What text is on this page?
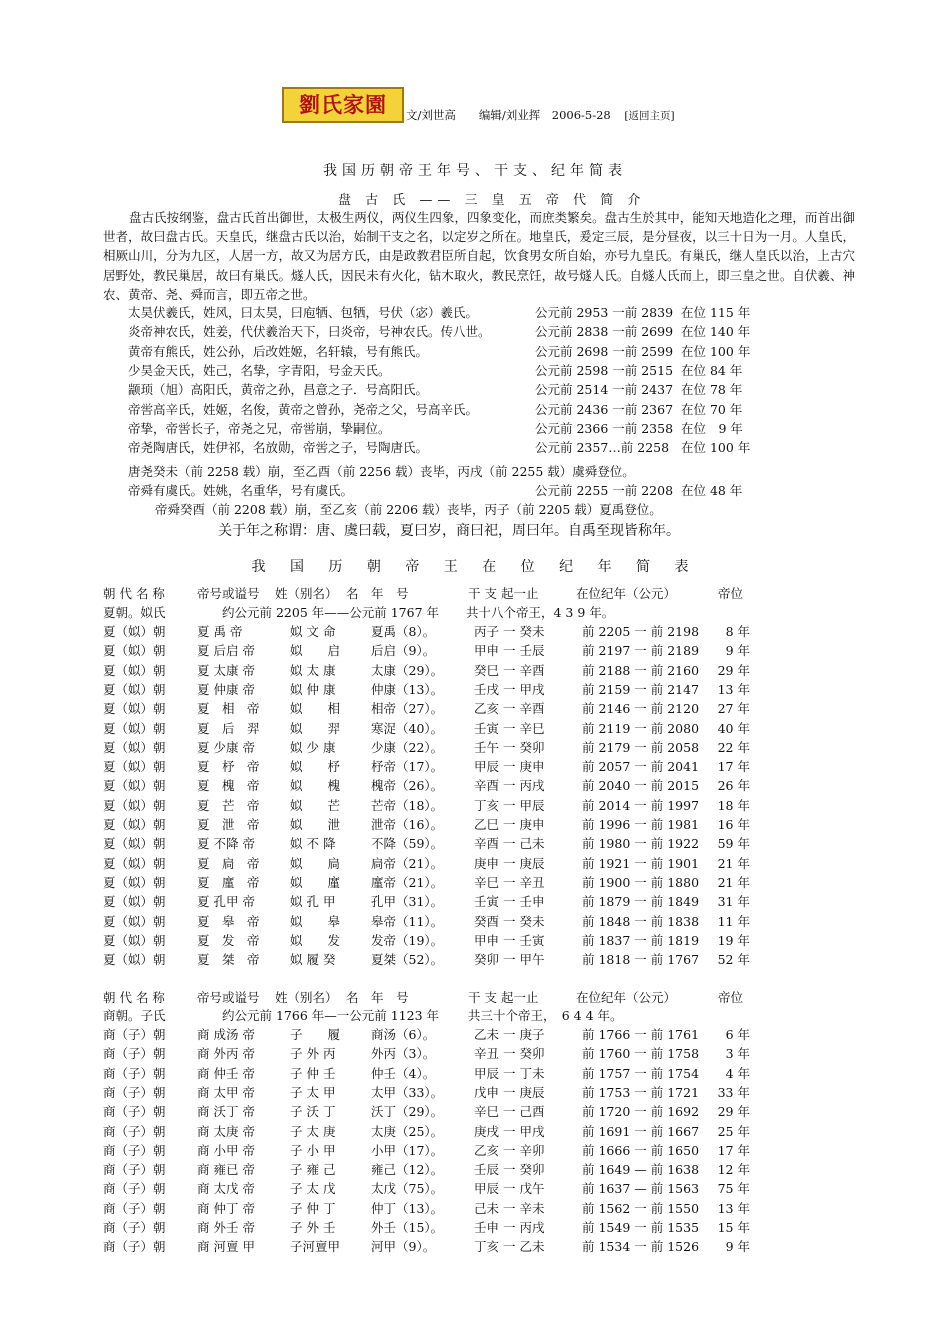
劉氏家園	文/刘世高　　编辑/刘业挥　2006-5-28 [返回主页]
我国历朝帝王年号、干支、纪年简表
盘 古 氏 —— 三 皇 五 帝 代 简 介
盘古氏按纲鉴，盘古氏首出御世，太极生两仪，两仪生四象，四象变化，而庶类繁矣。盘古生於其中，能知天地造化之理，而首出御世者，故曰盘古氏。天皇氏，继盘古氏以治，始制干支之名，以定岁之所在。地皇氏，爰定三辰，是分昼夜，以三十日为一月。人皇氏，相厥山川，分为九区，人居一方，故又为居方氏，由是政教君臣所自起，饮食男女所自始，亦号九皇氏。有巢氏，继人皇氏以治，上古穴居野处，教民巢居，故曰有巢氏。燧人氏，因民未有火化，钻木取火，教民烹饪，故号燧人氏。自燧人氏而上，即三皇之世。自伏羲、神农、黄帝、尧、舜而言，即五帝之世。
太昊伏羲氏，姓风，曰太昊，曰庖牺、包牺，号伏（宓）羲氏。	公元前 2953 一前 2839 在位 115 年
炎帝神农氏，姓姜，代伏羲治天下，曰炎帝，号神农氏。传八世。	公元前 2838 一前 2699 在位 140 年
黄帝有熊氏，姓公孙，后改姓姬，名轩辕，号有熊氏。	公元前 2698 一前 2599 在位 100 年
少昊金天氏，姓己，名挚，字青阳，号金天氏。	公元前 2598 一前 2515 在位 84 年
颛顼（旭）高阳氏，黄帝之孙，昌意之子．号高阳氏。	公元前 2514 一前 2437 在位 78 年
帝喾高辛氏，姓姬，名俊，黄帝之曾孙，尧帝之父，号高辛氏。	公元前 2436 一前 2367 在位 70 年
帝挚，帝喾长子，帝尧之兄，帝喾崩，挚嗣位。	公元前 2366 一前 2358 在位　9 年
帝尧陶唐氏，姓伊祁，名放勋，帝喾之子，号陶唐氏。	公元前 2357…前 2258 在位 100 年
唐尧癸未（前 2258 载）崩，至乙酉（前 2256 载）丧毕，丙戌（前 2255 载）虞舜登位。
帝舜有虞氏。姓姚，名重华，号有虞氏。	公元前 2255 一前 2208 在位 48 年
帝舜癸酉（前 2208 载）崩，至乙亥（前 2206 载）丧毕，丙子（前 2205 载）夏禹登位。
关于年之称谓：唐、虞曰载，夏曰岁，商曰祀，周曰年。自禹至现皆称年。
我 国 历 朝 帝 王 在 位 纪 年 简 表
朝 代 名 称	帝号或谥号 姓（别名） 名　年　号	干 支 起一止	在位纪年（公元）	帝位
夏朝。姒氏	约公元前 2205 年——公元前 1767 年 共十八个帝王，4 3 9 年。
夏（姒）朝	夏 禹 帝	姒 文 命	夏禹（8）。	丙子 一 癸未	前 2205 一 前 2198 8 年
夏（姒）朝	夏 后启 帝	姒　　启 后启（9）。	甲申 一 壬辰	前 2197 一 前 2189 9 年
夏（姒）朝	夏 太康 帝	姒 太 康	太康（29）。 癸巳 一 辛酉	前 2188 一 前 2160 29 年
夏（姒）朝	夏 仲康 帝	姒 仲 康	仲康（13）。 壬戌 一 甲戌	前 2159 一 前 2147 13 年
夏（姒）朝	夏　相　帝 姒　　相 相帝（27）。 乙亥 一 辛酉	前 2146 一 前 2120 27 年
夏（姒）朝	夏　后　羿 姒　　羿 寒浞（40）。 壬寅 一 辛巳	前 2119 一 前 2080 40 年
夏（姒）朝	夏 少康 帝	姒 少 康	少康（22）。 壬午 一 癸卯	前 2179 一 前 2058 22 年
夏（姒）朝	夏　杼　帝 姒　　杼 杼帝（17）。 甲辰 一 庚申	前 2057 一 前 2041 17 年
夏（姒）朝	夏　槐　帝 姒　　槐 槐帝（26）。 辛酉 一 丙戌	前 2040 一 前 2015 26 年
夏（姒）朝	夏　芒　帝 姒　　芒 芒帝（18）。 丁亥 一 甲辰	前 2014 一 前 1997 18 年
夏（姒）朝	夏　泄　帝 姒　　泄 泄帝（16）。 乙巳 一 庚申	前 1996 一 前 1981 16 年
夏（姒）朝	夏 不降 帝	姒 不 降	不降（59）。 辛酉 一 己未	前 1980 一 前 1922 59 年
夏（姒）朝	夏　扃　帝 姒　　扃 扃帝（21）。 庚申 一 庚辰	前 1921 一 前 1901 21 年
夏（姒）朝	夏　廑　帝 姒　　廑 廑帝（21）。 辛巳 一 辛丑	前 1900 一 前 1880 21 年
夏（姒）朝	夏 孔甲 帝	姒 孔 甲	孔甲（31）。 壬寅 一 壬申	前 1879 一 前 1849 31 年
夏（姒）朝	夏　皋　帝 姒　　皋 皋帝（11）。 癸酉 一 癸未	前 1848 一 前 1838 11 年
夏（姒）朝	夏　发　帝 姒　　发 发帝（19）。 甲申 一 壬寅	前 1837 一 前 1819 19 年
夏（姒）朝	夏　桀　帝 姒 履 癸	夏桀（52）。 癸卯 一 甲午	前 1818 一 前 1767 52 年
朝 代 名 称	帝号或谥号 姓（别名） 名　年　号	干 支 起一止	在位纪年（公元）	帝位
商朝。子氏	约公元前 1766 年—一公元前 1123 年 共三十个帝王，　6 4 4 年。
商（子）朝	商 成汤 帝	子　　履 商汤（6）。	乙未 一 庚子	前 1766 一 前 1761 6 年
商（子）朝	商 外丙 帝	子 外 丙	外丙（3）。	辛丑 一 癸卯	前 1760 一 前 1758 3 年
商（子）朝	商 仲壬 帝	子 仲 壬	仲壬（4）。	甲辰 一 丁未	前 1757 一 前 1754 4 年
商（子）朝	商 太甲 帝	子 太 甲	太甲（33）。 戊申 一 庚辰	前 1753 一 前 1721 33 年
商（子）朝	商 沃丁 帝	子 沃 丁	沃丁（29）。 辛巳 一 己酉	前 1720 一 前 1692 29 年
商（子）朝	商 太庚 帝	子 太 庚	太庚（25）。 庚戌 一 甲戌	前 1691 一 前 1667 25 年
商（子）朝	商 小甲 帝	子 小 甲	小甲（17）。 乙亥 一 辛卯	前 1666 一 前 1650 17 年
商（子）朝	商 雍已 帝	子 雍 己	雍己（12）。 壬辰 一 癸卯	前 1649 — 前 1638 12 年
商（子）朝	商 太戊 帝	子 太 戊	太戊（75）。 甲辰 一 戊午	前 1637 — 前 1563 75 年
商（子）朝	商 仲丁 帝	子 仲 丁	仲丁（13）。 己未 一 辛未	前 1562 一 前 1550 13 年
商（子）朝	商 外壬 帝	子 外 壬	外壬（15）。 壬申 一 丙戌	前 1549 一 前 1535 15 年
商（子）朝	商 河亶 甲	子河亶甲 河甲（9）。	丁亥 一 乙未	前 1534 一 前 1526 9 年
